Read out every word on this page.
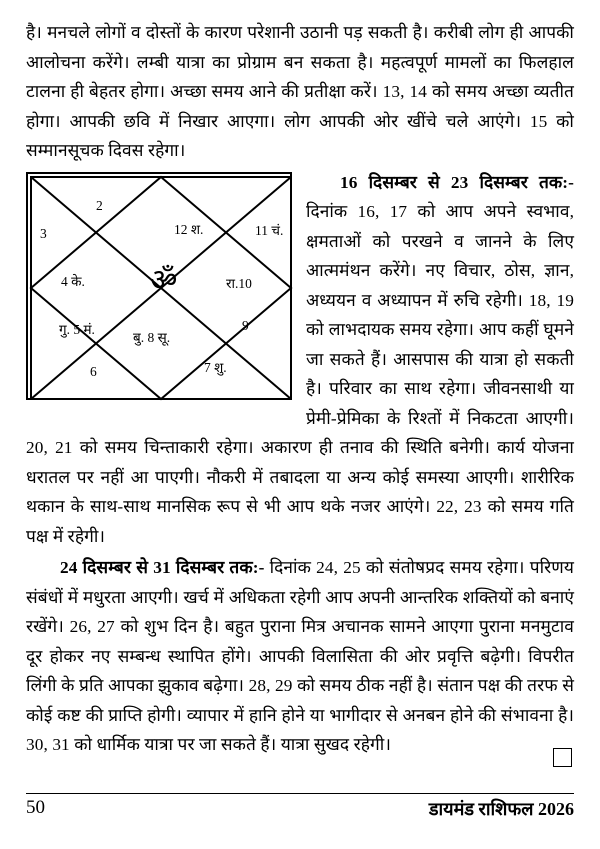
है। मनचले लोगों व दोस्तों के कारण परेशानी उठानी पड़ सकती है। करीबी लोग ही आपकी आलोचना करेंगे। लम्बी यात्रा का प्रोग्राम बन सकता है। महत्वपूर्ण मामलों का फिलहाल टालना ही बेहतर होगा। अच्छा समय आने की प्रतीक्षा करें। 13, 14 को समय अच्छा व्यतीत होगा। आपकी छवि में निखार आएगा। लोग आपकी ओर खींचे चले आएंगे। 15 को सम्मानसूचक दिवस रहेगा।

2
12 श.	11 चं.
रा.10
9
7 शु.
बु. 8 सू.
6
गु. 5 मं.
4 के.
3
ॐ

16 दिसम्बर से 23 दिसम्बर तक:- दिनांक 16, 17 को आप अपने स्वभाव, क्षमताओं को परखने व जानने के लिए आत्ममंथन करेंगे। नए विचार, ठोस, ज्ञान, अध्ययन व अध्यापन में रुचि रहेगी। 18, 19 को लाभदायक समय रहेगा। आप कहीं घूमने जा सकते हैं। आसपास की यात्रा हो सकती है। परिवार का साथ रहेगा। जीवनसाथी या प्रेमी-प्रेमिका के रिश्तों में निकटता आएगी। 20, 21 को समय चिन्ताकारी रहेगा। अकारण ही तनाव की स्थिति बनेगी। कार्य योजना धरातल पर नहीं आ पाएगी। नौकरी में तबादला या अन्य कोई समस्या आएगी। शारीरिक थकान के साथ-साथ मानसिक रूप से भी आप थके नजर आएंगे। 22, 23 को समय गति पक्ष में रहेगी।

24 दिसम्बर से 31 दिसम्बर तक:- दिनांक 24, 25 को संतोषप्रद समय रहेगा। परिणय संबंधों में मधुरता आएगी। खर्च में अधिकता रहेगी आप अपनी आन्तरिक शक्तियों को बनाएं रखेंगे। 26, 27 को शुभ दिन है। बहुत पुराना मित्र अचानक सामने आएगा पुराना मनमुटाव दूर होकर नए सम्बन्ध स्थापित होंगे। आपकी विलासिता की ओर प्रवृत्ति बढ़ेगी। विपरीत लिंगी के प्रति आपका झुकाव बढ़ेगा। 28, 29 को समय ठीक नहीं है। संतान पक्ष की तरफ से कोई कष्ट की प्राप्ति होगी। व्यापार में हानि होने या भागीदार से अनबन होने की संभावना है। 30, 31 को धार्मिक यात्रा पर जा सकते हैं। यात्रा सुखद रहेगी।

50	डायमंड राशिफल 2026
